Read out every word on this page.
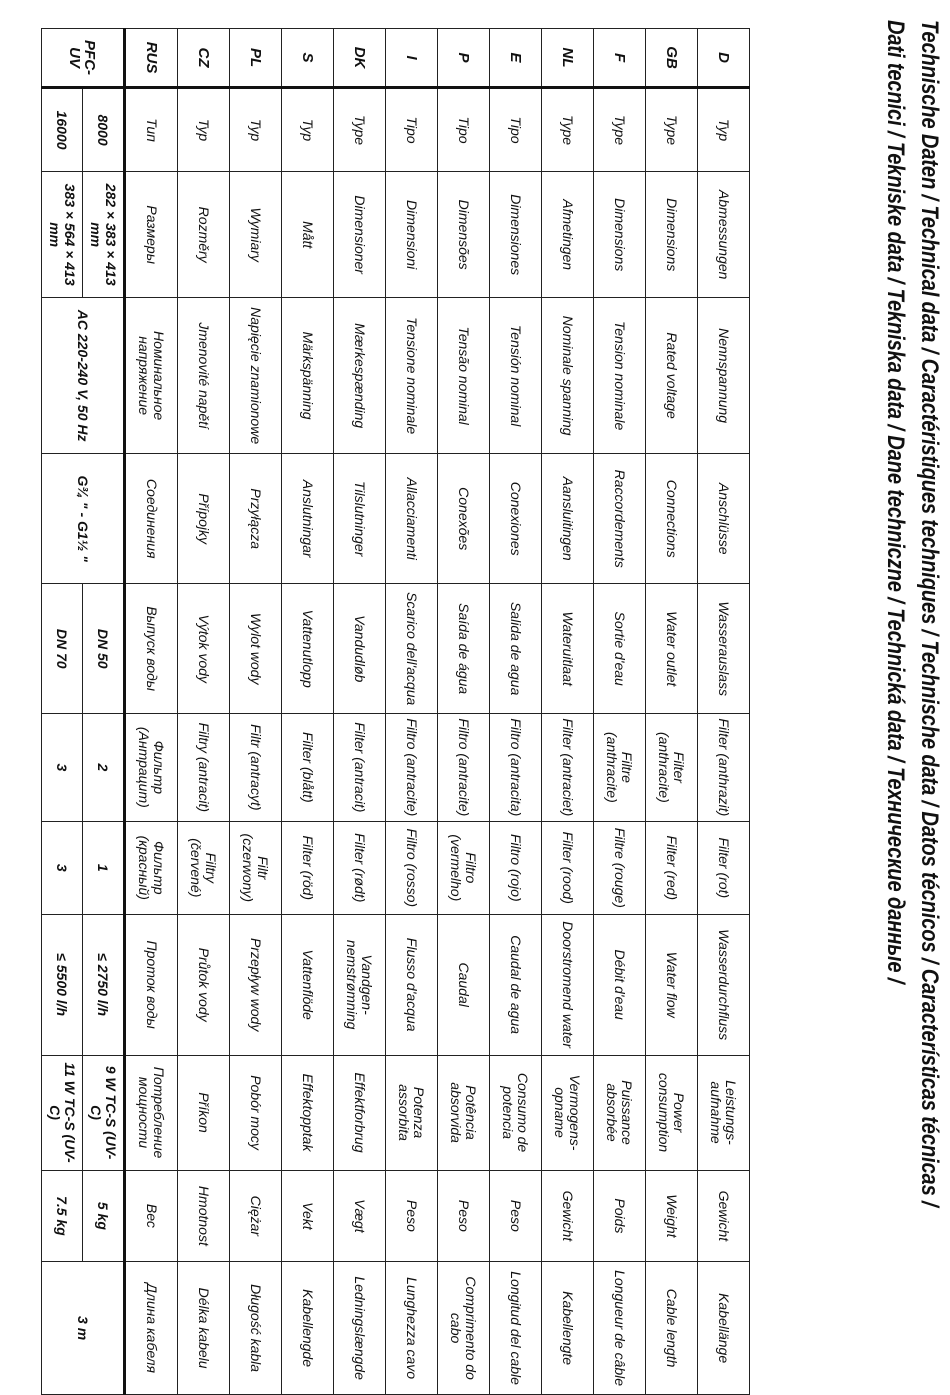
Technische Daten / Technical data / Caractéristiques techniques / Technische data / Datos técnicos / Características técnicas /
Dati tecnici / Tekniske data / Tekniska data / Dane techniczne / Technická data / Технические данные /
D	Typ	Abmessungen	Nennspannung	Anschlüsse	Wasserauslass	Filter (anthrazit)	Filter (rot)	Wasserdurchfluss	Leistungs-aufnahme	Gewicht	Kabellänge
GB	Type	Dimensions	Rated voltage	Connections	Water outlet	Filter (anthracite)	Filter (red)	Water flow	Power consumption	Weight	Cable length
F	Type	Dimensions	Tension nominale	Raccordements	Sortie d'eau	Filtre (anthracite)	Filtre (rouge)	Débit d'eau	Puissance absorbée	Poids	Longueur de câble
NL	Type	Afmetingen	Nominale spanning	Aansluitingen	Wateruitlaat	Filter (antraciet)	Filter (rood)	Doorstromend water	Vermogens-opname	Gewicht	Kabellengte
E	Tipo	Dimensiones	Tensión nominal	Conexiones	Salida de agua	Filtro (antracita)	Filtro (rojo)	Caudal de agua	Consumo de potencia	Peso	Longitud del cable
P	Tipo	Dimensões	Tensão nominal	Conexões	Saída de água	Filtro (antracite)	Filtro (vermelho)	Caudal	Potência absorvida	Peso	Comprimento do cabo
I	Tipo	Dimensioni	Tensione nominale	Allacciamenti	Scarico dell'acqua	Filtro (antracite)	Filtro (rosso)	Flusso d'acqua	Potenza assorbita	Peso	Lunghezza cavo
DK	Type	Dimensioner	Mærkespænding	Tilslutninger	Vandudløb	Filter (antracit)	Filter (rødt)	Vandgen-nemstrømning	Effektforbrug	Vægt	Ledningslængde
S	Typ	Mått	Märkspänning	Anslutningar	Vattenutlopp	Filter (blått)	Filter (röd)	Vattenflöde	Effektopptak	Vekt	Kabellengde
PL	Typ	Wymiary	Napięcie znamionowe	Przyłącza	Wylot wody	Filtr (antracyt)	Filtr (czerwony)	Przepływ wody	Pobór mocy	Ciężar	Długość kabla
CZ	Typ	Rozměry	Jmenovité napětí	Přípojky	Výtok vody	Filtry (antracit)	Filtry (červené)	Průtok vody	Příkon	Hmotnost	Délka kabelu
RUS	Тип	Размеры	Номинальное напряжение	Соединения	Выпуск воды	Фильтр (Антрацит)	Фильтр (красный)	Проток воды	Потребление мощности	Вес	Длина кабеля
PFC-UV	8000	282 × 383 × 413 mm	AC 220-240 V, 50 Hz	G¾ " - G1½ "	DN 50	2	1	≤ 2750 l/h	9 W TC-S (UV-C)	5 kg	3 m
	16000	383 × 564 × 413 mm			DN 70	3	3	≤ 5500 l/h	11 W TC-S (UV-C)	7.5 kg	
